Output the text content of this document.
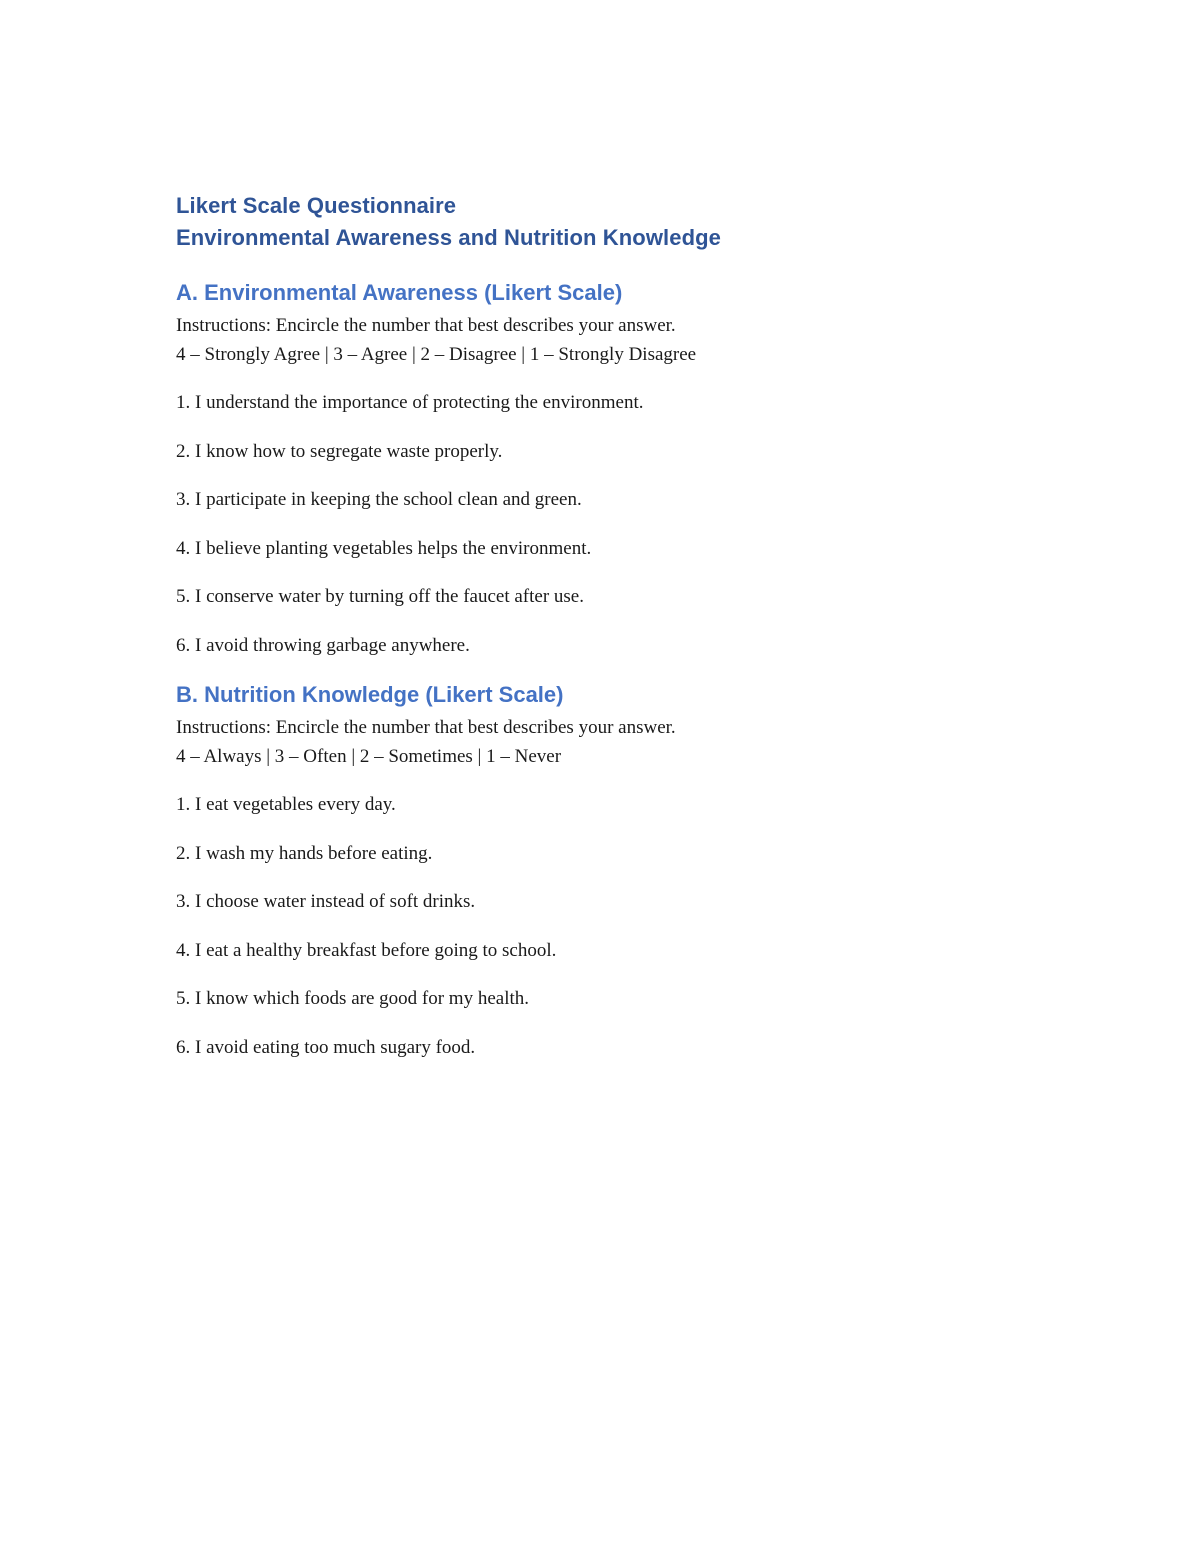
Likert Scale Questionnaire
Environmental Awareness and Nutrition Knowledge
A. Environmental Awareness (Likert Scale)

Instructions: Encircle the number that best describes your answer.

4 – Strongly Agree | 3 – Agree | 2 – Disagree | 1 – Strongly Disagree

1. I understand the importance of protecting the environment.
2. I know how to segregate waste properly.
3. I participate in keeping the school clean and green.
4. I believe planting vegetables helps the environment.
5. I conserve water by turning off the faucet after use.
6. I avoid throwing garbage anywhere.
B. Nutrition Knowledge (Likert Scale)

Instructions: Encircle the number that best describes your answer.

4 – Always | 3 – Often | 2 – Sometimes | 1 – Never

1. I eat vegetables every day.
2. I wash my hands before eating.
3. I choose water instead of soft drinks.
4. I eat a healthy breakfast before going to school.
5. I know which foods are good for my health.
6. I avoid eating too much sugary food.
